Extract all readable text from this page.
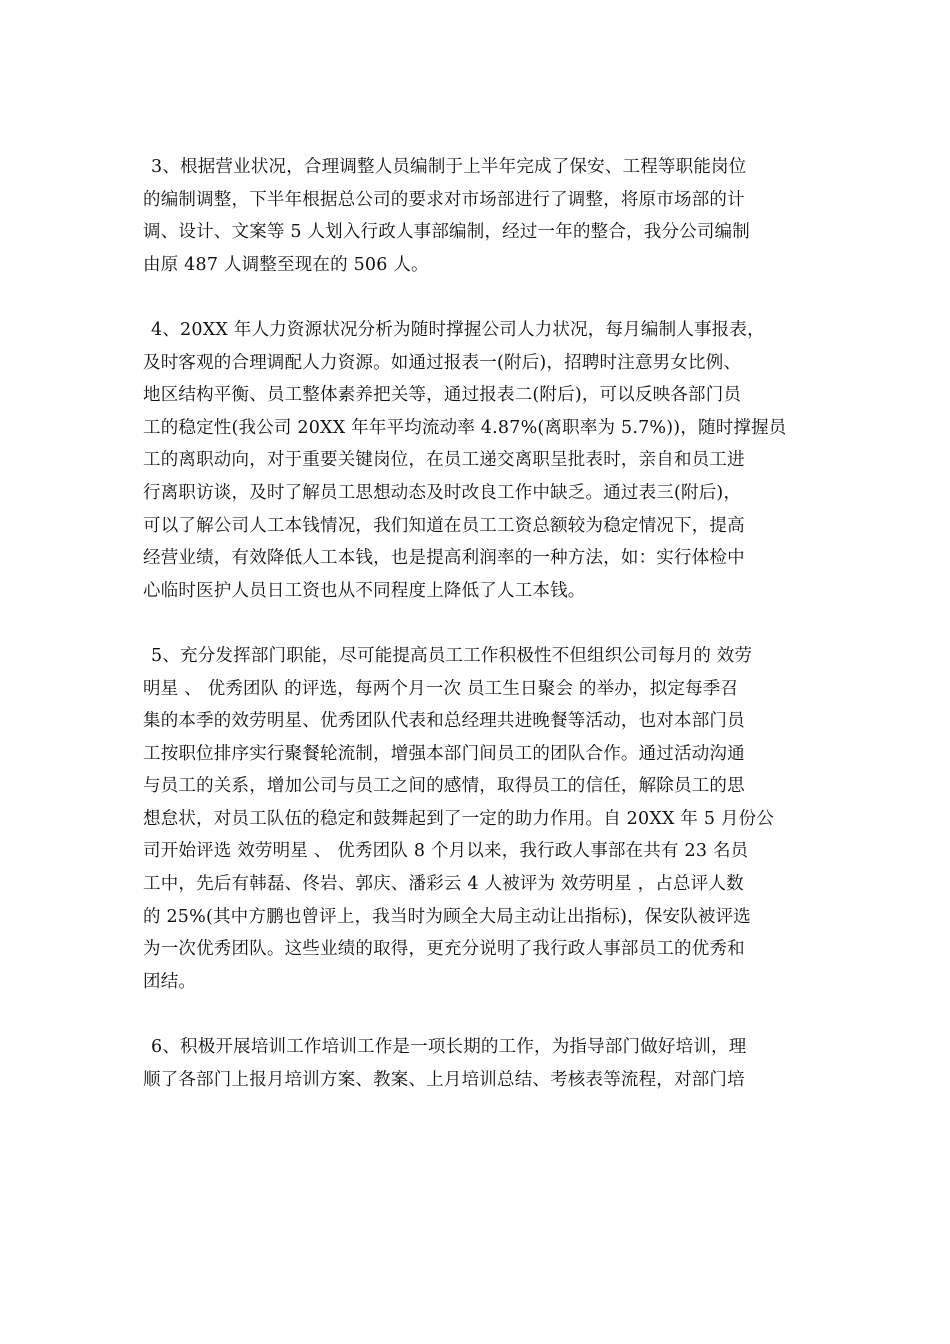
3、根据营业状况，合理调整人员编制于上半年完成了保安、工程等职能岗位
的编制调整，下半年根据总公司的要求对市场部进行了调整，将原市场部的计
调、设计、文案等 5 人划入行政人事部编制，经过一年的整合，我分公司编制
由原 487 人调整至现在的 506 人。

4、20XX 年人力资源状况分析为随时撑握公司人力状况，每月编制人事报表，
及时客观的合理调配人力资源。如通过报表一(附后)，招聘时注意男女比例、
地区结构平衡、员工整体素养把关等，通过报表二(附后)，可以反映各部门员
工的稳定性(我公司 20XX 年年平均流动率 4.87%(离职率为 5.7%))，随时撑握员
工的离职动向，对于重要关键岗位，在员工递交离职呈批表时，亲自和员工进
行离职访谈，及时了解员工思想动态及时改良工作中缺乏。通过表三(附后)，
可以了解公司人工本钱情况，我们知道在员工工资总额较为稳定情况下，提高
经营业绩，有效降低人工本钱，也是提高利润率的一种方法，如：实行体检中
心临时医护人员日工资也从不同程度上降低了人工本钱。

5、充分发挥部门职能，尽可能提高员工工作积极性不但组织公司每月的 效劳
明星 、 优秀团队 的评选，每两个月一次 员工生日聚会 的举办，拟定每季召
集的本季的效劳明星、优秀团队代表和总经理共进晚餐等活动，也对本部门员
工按职位排序实行聚餐轮流制，增强本部门间员工的团队合作。通过活动沟通
与员工的关系，增加公司与员工之间的感情，取得员工的信任，解除员工的思
想怠状，对员工队伍的稳定和鼓舞起到了一定的助力作用。自 20XX 年 5 月份公
司开始评选 效劳明星 、 优秀团队 8 个月以来，我行政人事部在共有 23 名员
工中，先后有韩磊、佟岩、郭庆、潘彩云 4 人被评为 效劳明星 ，占总评人数
的 25%(其中方鹏也曾评上，我当时为顾全大局主动让出指标)，保安队被评选
为一次优秀团队。这些业绩的取得，更充分说明了我行政人事部员工的优秀和
团结。

6、积极开展培训工作培训工作是一项长期的工作，为指导部门做好培训，理
顺了各部门上报月培训方案、教案、上月培训总结、考核表等流程，对部门培
